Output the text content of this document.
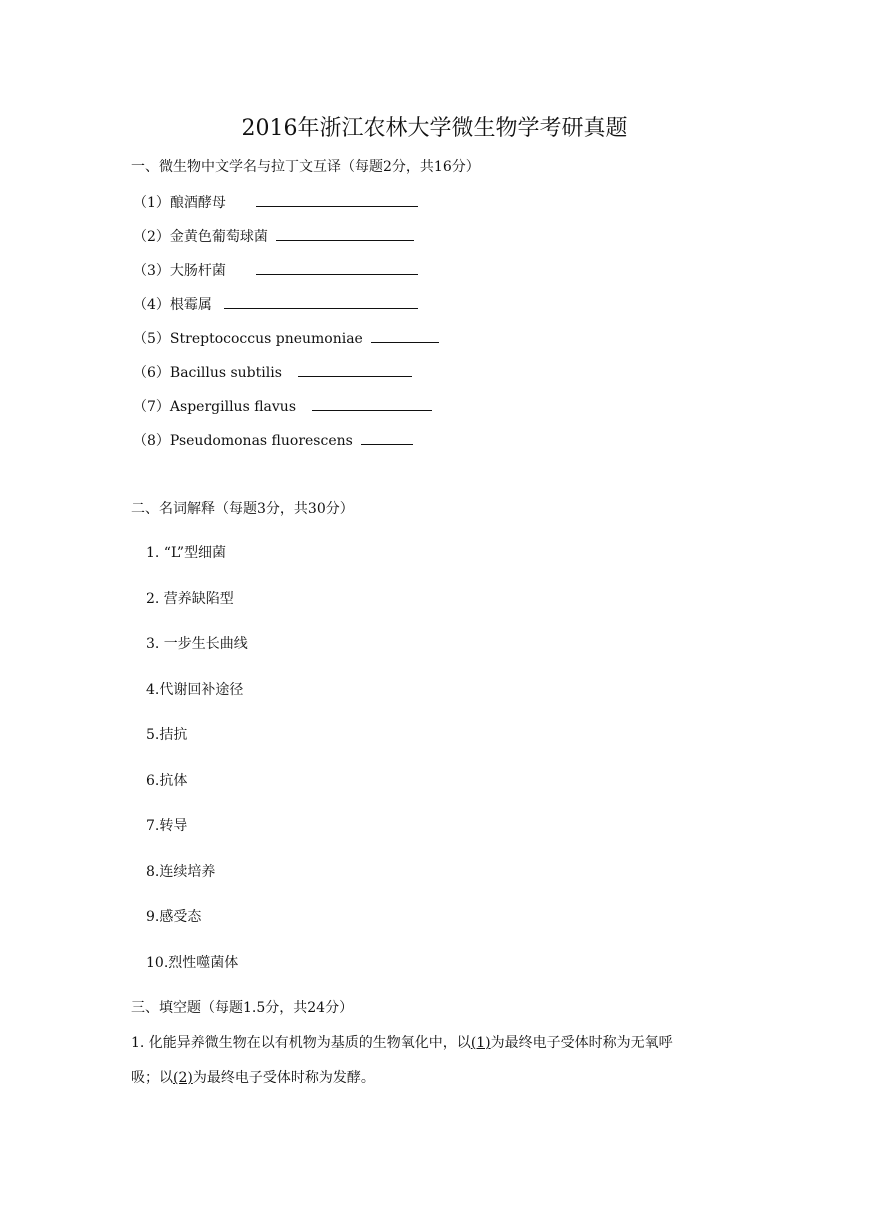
2016年浙江农林大学微生物学考研真题
一、微生物中文学名与拉丁文互译（每题2分，共16分）
（1）酿酒酵母
（2）金黄色葡萄球菌
（3）大肠杆菌
（4）根霉属
（5）Streptococcus pneumoniae
（6）Bacillus subtilis
（7）Aspergillus flavus
（8）Pseudomonas fluorescens
二、名词解释（每题3分，共30分）
1. “L”型细菌
2. 营养缺陷型
3. 一步生长曲线
4.代谢回补途径
5.拮抗
6.抗体
7.转导
8.连续培养
9.感受态
10.烈性噬菌体
三、填空题（每题1.5分，共24分）
1. 化能异养微生物在以有机物为基质的生物氧化中，以(1)为最终电子受体时称为无氧呼
吸；以(2)为最终电子受体时称为发酵。
